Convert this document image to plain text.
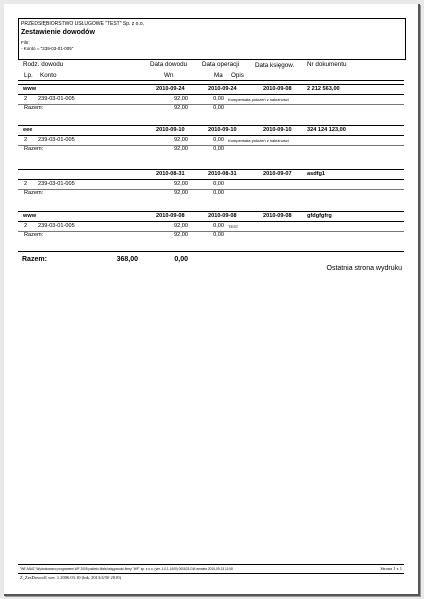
PRZEDSIĘBIORSTWO USŁUGOWE "TEST" Sp. z o.o.
Zestawienie dowodów
Filtr:
- Konto = "239-03-01-005"
Rodz. dowodu	Data dowodu Data operacji	Data księgow. Nr dokumentu
Lp. Konto	Wn	Ma Opis
www	2010-09-24	2010-09-24	2010-09-08	2 212 563,00
2 239-03-01-005	92,00	0,00 Kompensata położeń z należności
Razem:	92,00	0,00
eee	2010-09-10	2010-09-10	2010-09-10	324 124 123,00
2 239-03-01-005	92,00	0,00 Kompensata położeń z należności
Razem:	92,00	0,00
2010-08-31	2010-08-31	2010-09-07	asdfg1
2 239-03-01-005	92,00	0,00
Razem:	92,00	0,00
www	2010-09-08	2010-09-08	2010-09-08	gfdgfgfrg
2 239-03-01-005	92,00	0,00 TEST
Razem:	92,00	0,00
Razem:	368,00	0,00
Ostatnia strona wydruku
"WF-MAG" Wydrukowano programem WF 2005 pakietu Mała księgowość firmy "WF" sp. z o.o. (ver. 1.0.1.1400) 000623-Gt/I-emalea 2010-09-13 11:08	Strona 1 z 1
Z_ZesDowod1 wer. 1.2006.03.10 (lnk. 2013/4/50 2010)
